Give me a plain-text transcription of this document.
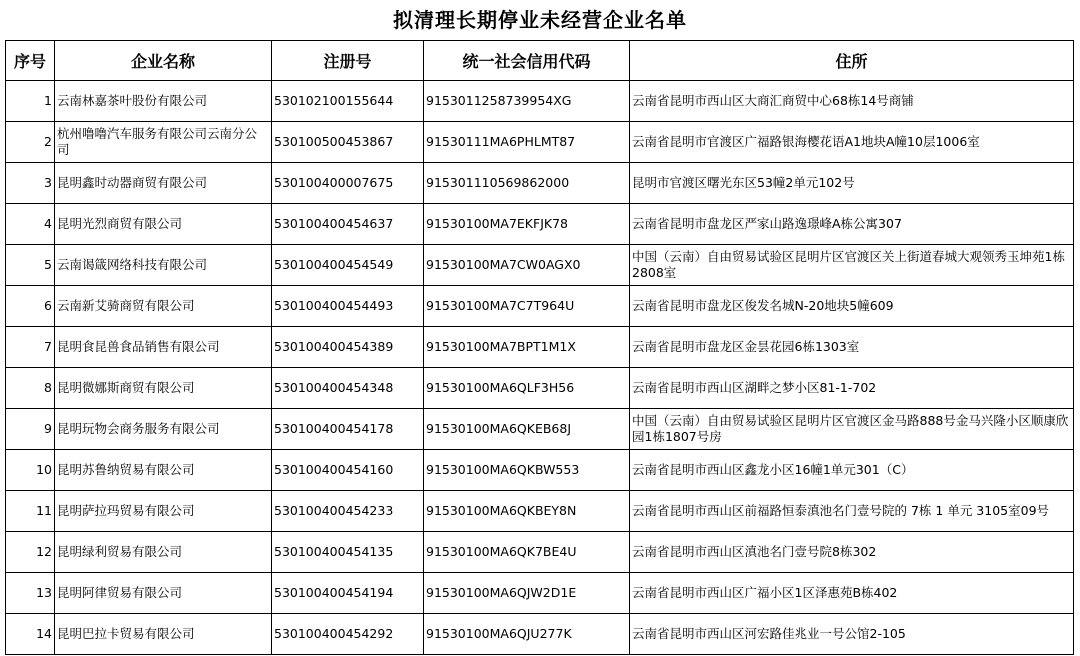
拟清理长期停业未经营企业名单
序号	企业名称	注册号	统一社会信用代码	住所
1	云南林嘉茶叶股份有限公司	530102100155644	9153011258739954XG	云南省昆明市西山区大商汇商贸中心68栋14号商铺
2	杭州噜噜汽车服务有限公司云南分公司	530100500453867	91530111MA6PHLMT87	云南省昆明市官渡区广福路银海樱花语A1地块A幢10层1006室
3	昆明鑫时动器商贸有限公司	530100400007675	915301110569862000	昆明市官渡区曙光东区53幢2单元102号
4	昆明光烈商贸有限公司	530100400454637	91530100MA7EKFJK78	云南省昆明市盘龙区严家山路逸璟峰A栋公寓307
5	云南谒箴网络科技有限公司	530100400454549	91530100MA7CW0AGX0	中国（云南）自由贸易试验区昆明片区官渡区关上街道春城大观领秀玉坤苑1栋2808室
6	云南新艾骑商贸有限公司	530100400454493	91530100MA7C7T964U	云南省昆明市盘龙区俊发名城N-20地块5幢609
7	昆明食昆兽食品销售有限公司	530100400454389	91530100MA7BPT1M1X	云南省昆明市盘龙区金昙花园6栋1303室
8	昆明微娜斯商贸有限公司	530100400454348	91530100MA6QLF3H56	云南省昆明市西山区湖畔之梦小区81-1-702
9	昆明玩物会商务服务有限公司	530100400454178	91530100MA6QKEB68J	中国（云南）自由贸易试验区昆明片区官渡区金马路888号金马兴隆小区顺康欣园1栋1807号房
10	昆明苏鲁纳贸易有限公司	530100400454160	91530100MA6QKBW553	云南省昆明市西山区鑫龙小区16幢1单元301（C）
11	昆明萨拉玛贸易有限公司	530100400454233	91530100MA6QKBEY8N	云南省昆明市西山区前福路恒泰滇池名门壹号院的 7栋 1 单元 3105室09号
12	昆明绿利贸易有限公司	530100400454135	91530100MA6QK7BE4U	云南省昆明市西山区滇池名门壹号院8栋302
13	昆明阿律贸易有限公司	530100400454194	91530100MA6QJW2D1E	云南省昆明市西山区广福小区1区泽惠苑B栋402
14	昆明巴拉卡贸易有限公司	530100400454292	91530100MA6QJU277K	云南省昆明市西山区河宏路佳兆业一号公馆2-105
